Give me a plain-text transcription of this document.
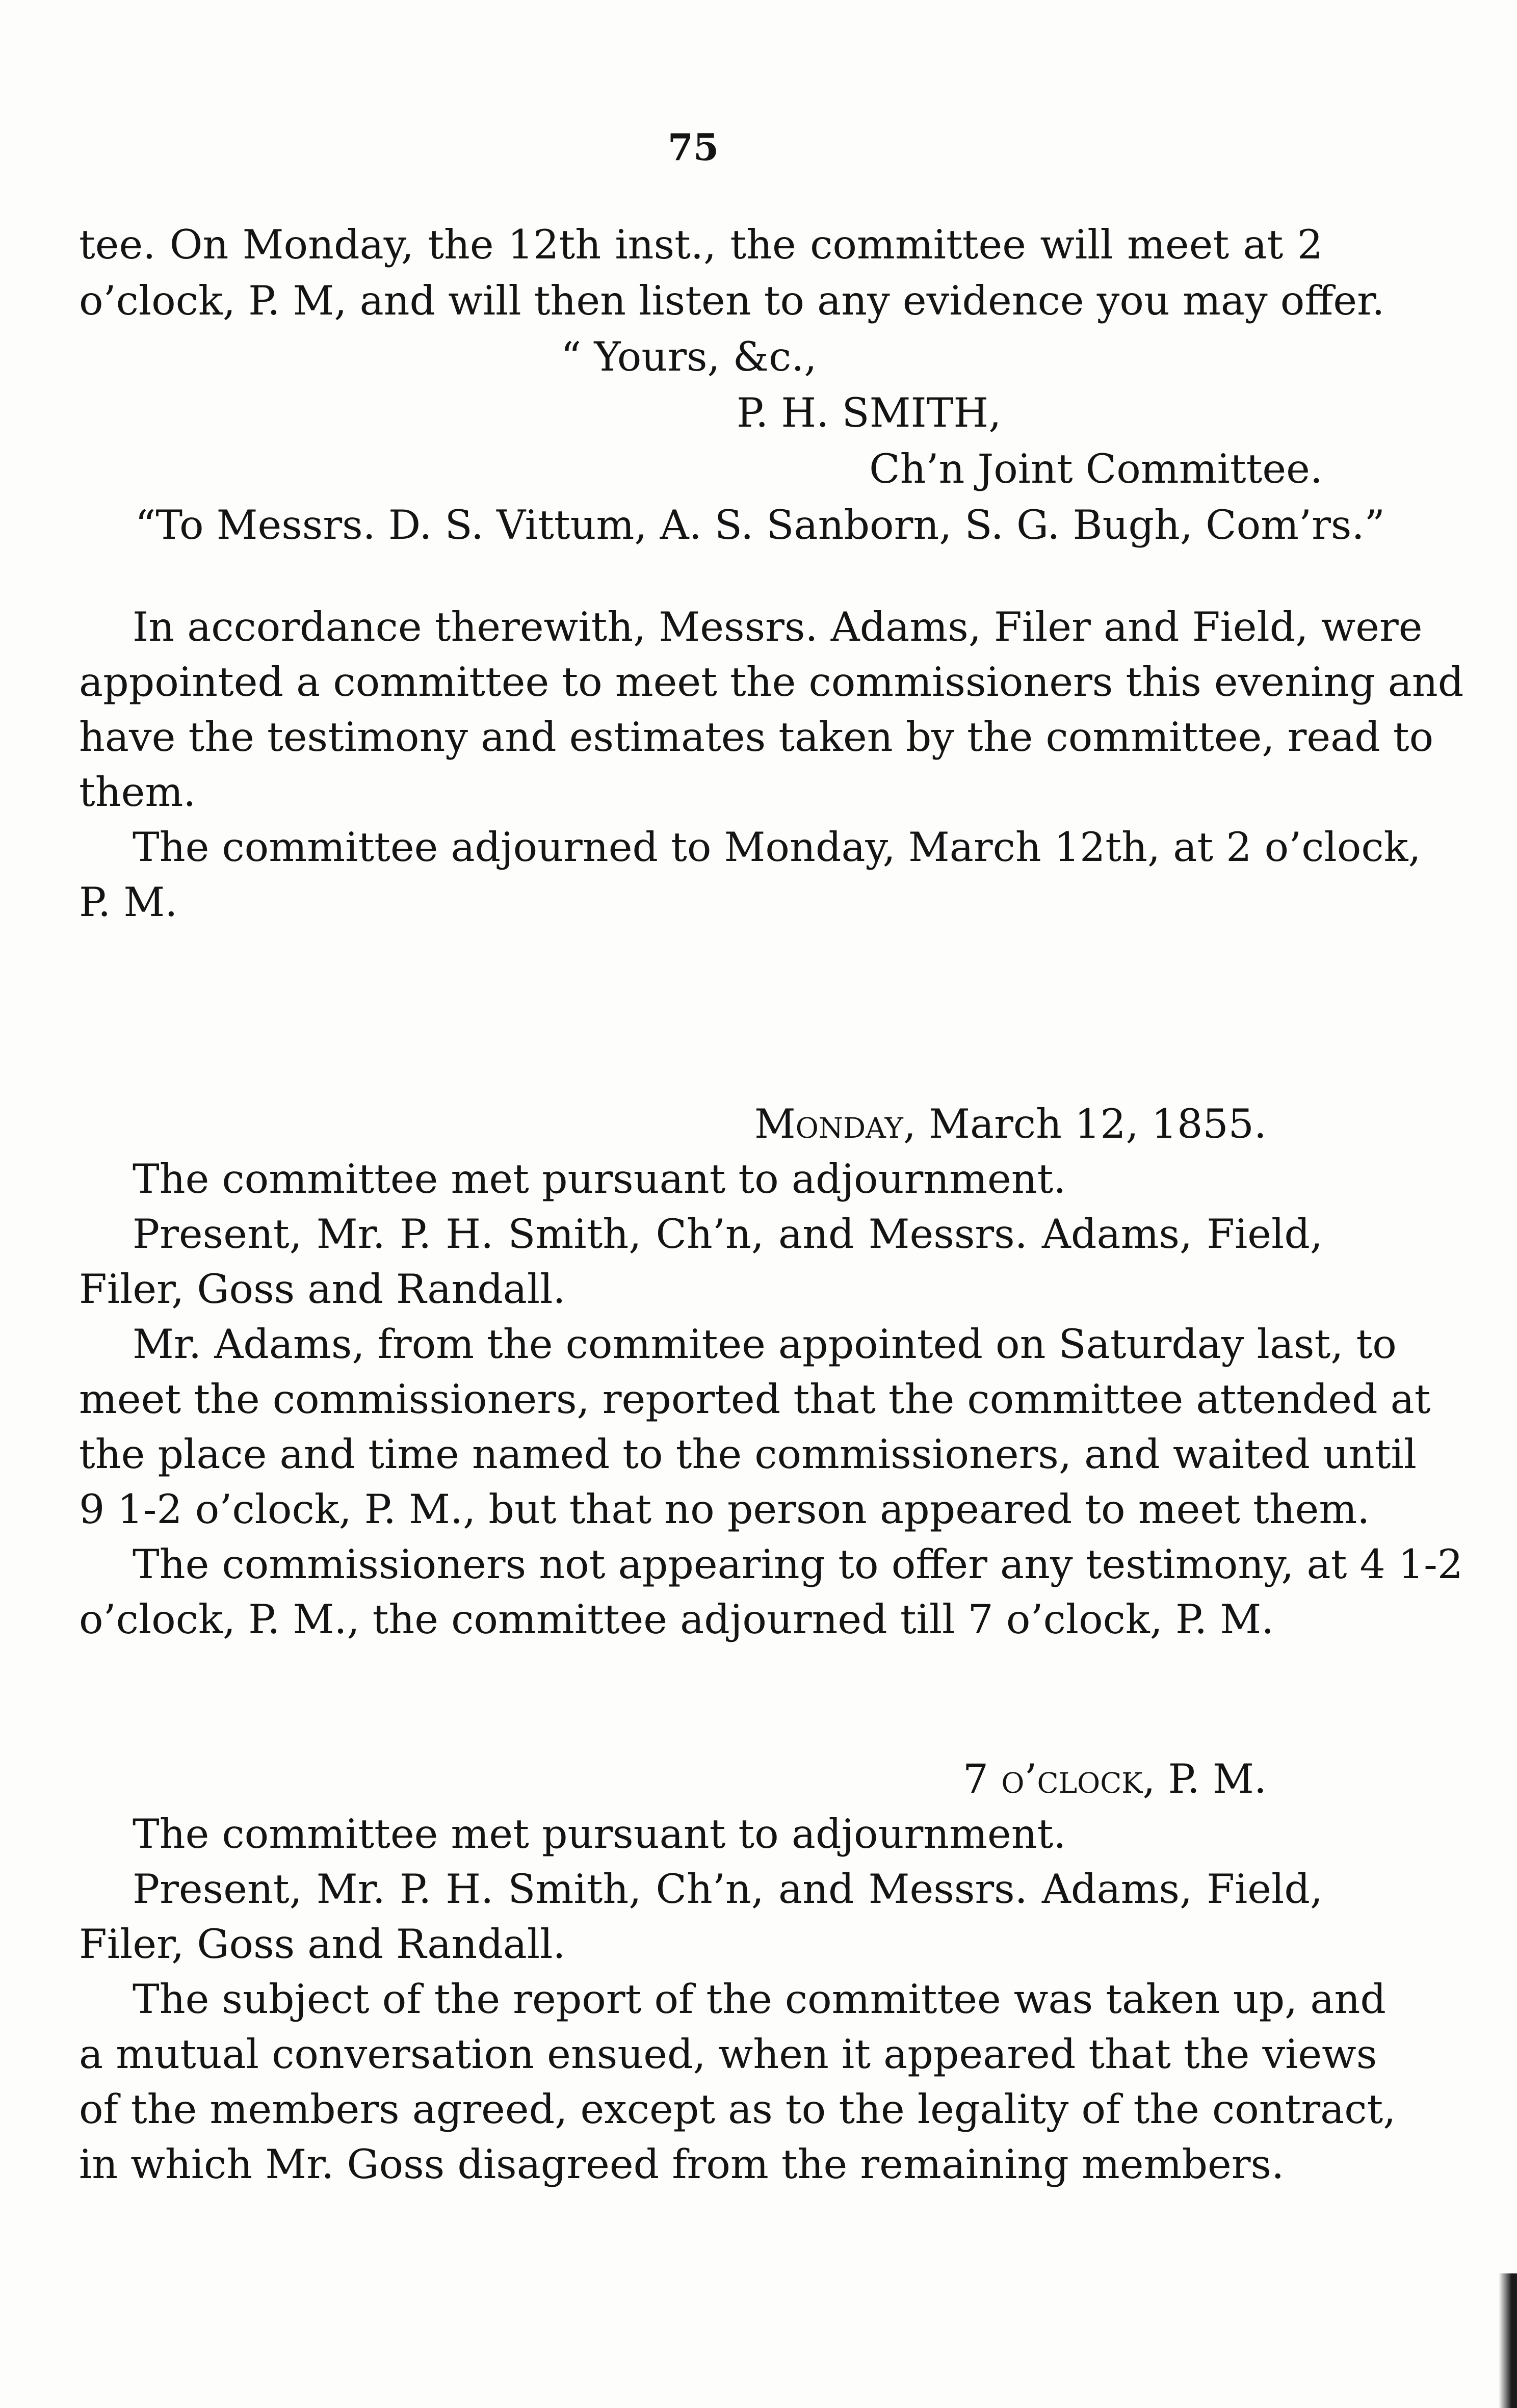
75
tee. On Monday, the 12th inst., the committee will meet at 2
o’clock, P. M, and will then listen to any evidence you may offer.
“ Yours, &c.,
P. H. SMITH,
Ch’n Joint Committee.
“To Messrs. D. S. Vittum, A. S. Sanborn, S. G. Bugh, Com’rs.”
In accordance therewith, Messrs. Adams, Filer and Field, were
appointed a committee to meet the commissioners this evening and
have the testimony and estimates taken by the committee, read to
them.
The committee adjourned to Monday, March 12th, at 2 o’clock,
P. M.
Monday, March 12, 1855.
The committee met pursuant to adjournment.
Present, Mr. P. H. Smith, Ch’n, and Messrs. Adams, Field,
Filer, Goss and Randall.
Mr. Adams, from the commitee appointed on Saturday last, to
meet the commissioners, reported that the committee attended at
the place and time named to the commissioners, and waited until
9 1-2 o’clock, P. M., but that no person appeared to meet them.
The commissioners not appearing to offer any testimony, at 4 1-2
o’clock, P. M., the committee adjourned till 7 o’clock, P. M.
7 o’clock, P. M.
The committee met pursuant to adjournment.
Present, Mr. P. H. Smith, Ch’n, and Messrs. Adams, Field,
Filer, Goss and Randall.
The subject of the report of the committee was taken up, and
a mutual conversation ensued, when it appeared that the views
of the members agreed, except as to the legality of the contract,
in which Mr. Goss disagreed from the remaining members.
